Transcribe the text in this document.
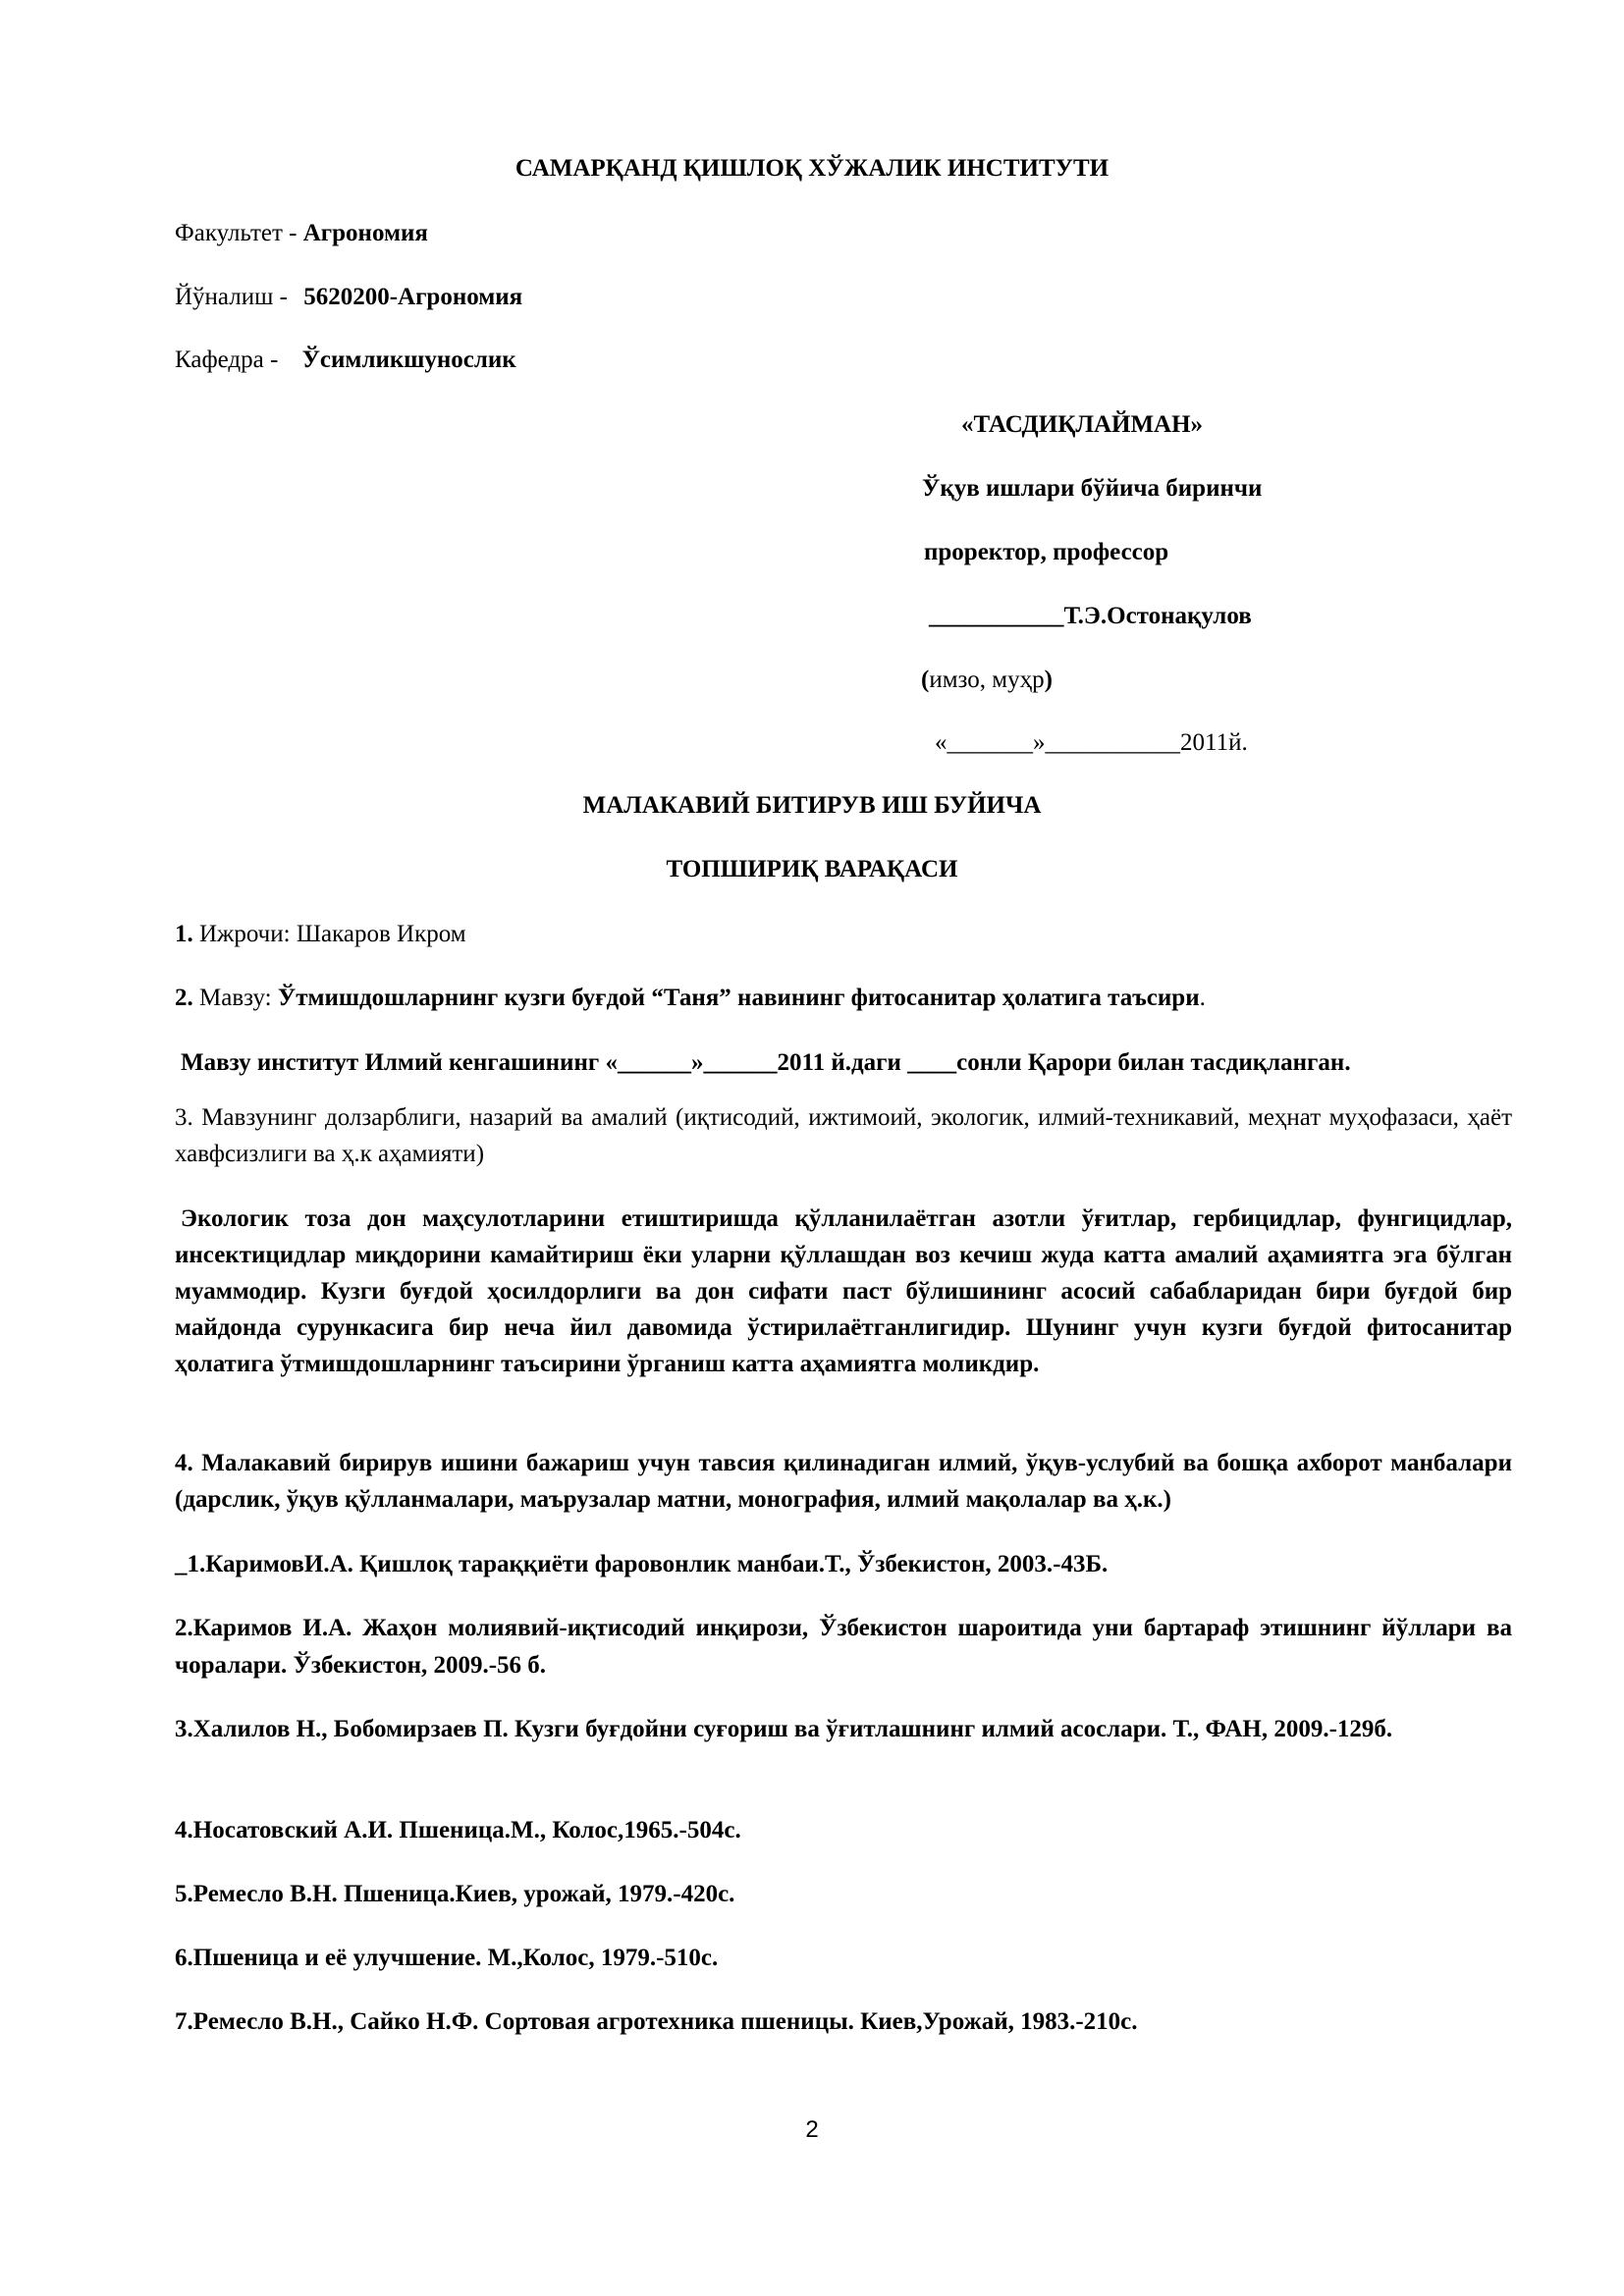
САМАРҚАНД ҚИШЛОҚ ХЎЖАЛИК ИНСТИТУТИ

Факультет - Агрономия

Йўналиш - 5620200-Агрономия

Кафедра - Ўсимликшунослик

«ТАСДИҚЛАЙМАН»

Ўқув ишлари бўйича биринчи

проректор, профессор

___________Т.Э.Остонақулов

(имзо, муҳр)

«_______»___________2011й.

МАЛАКАВИЙ БИТИРУВ ИШ БУЙИЧА

ТОПШИРИҚ ВАРАҚАСИ

1. Ижрочи: Шакаров Икром

2. Мавзу: Ўтмишдошларнинг кузги буғдой “Таня” навининг фитосанитар ҳолатига таъсири.

Мавзу институт Илмий кенгашининг «______»______2011 й.даги ____сонли Қарори билан тасдиқланган.

3. Мавзунинг долзарблиги, назарий ва амалий (иқтисодий, ижтимоий, экологик, илмий-техникавий, меҳнат муҳофазаси, ҳаёт хавфсизлиги ва ҳ.к аҳамияти)

Экологик тоза дон маҳсулотларини етиштиришда қўлланилаётган азотли ўғитлар, гербицидлар, фунгицидлар, инсектицидлар миқдорини камайтириш ёки уларни қўллашдан воз кечиш жуда катта амалий аҳамиятга эга бўлган муаммодир. Кузги буғдой ҳосилдорлиги ва дон сифати паст бўлишининг асосий сабабларидан бири буғдой бир майдонда сурункасига бир неча йил давомида ўстирилаётганлигидир. Шунинг учун кузги буғдой фитосанитар ҳолатига ўтмишдошларнинг таъсирини ўрганиш катта аҳамиятга моликдир.

4. Малакавий бирирув ишини бажариш учун тавсия қилинадиган илмий, ўқув-услубий ва бошқа ахборот манбалари (дарслик, ўқув қўлланмалари, маърузалар матни, монография, илмий мақолалар ва ҳ.к.)

_1.КаримовИ.А. Қишлоқ тараққиёти фаровонлик манбаи.Т., Ўзбекистон, 2003.-43Б.

2.Каримов И.А. Жаҳон молиявий-иқтисодий инқирози, Ўзбекистон шароитида уни бартараф этишнинг йўллари ва чоралари. Ўзбекистон, 2009.-56 б.

3.Халилов Н., Бобомирзаев П. Кузги буғдойни суғориш ва ўғитлашнинг илмий асослари. Т., ФАН, 2009.-129б.

4.Носатовский А.И. Пшеница.М., Колос,1965.-504с.

5.Ремесло В.Н. Пшеница.Киев, урожай, 1979.-420с.

6.Пшеница и её улучшение. М.,Колос, 1979.-510с.

7.Ремесло В.Н., Сайко Н.Ф. Сортовая агротехника пшеницы. Киев,Урожай, 1983.-210с.

2
